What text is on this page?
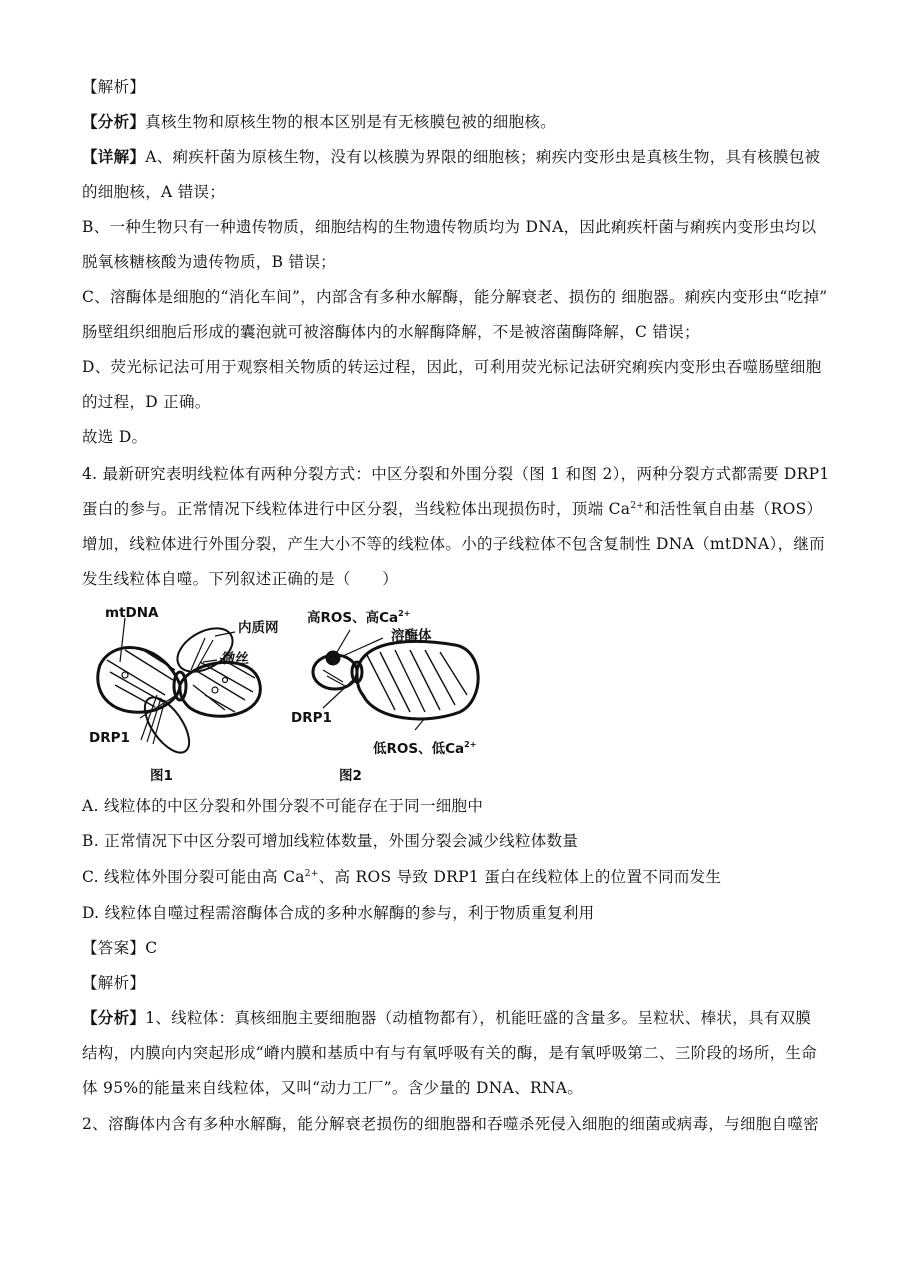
【解析】
【分析】真核生物和原核生物的根本区别是有无核膜包被的细胞核。
【详解】A、痢疾杆菌为原核生物，没有以核膜为界限的细胞核；痢疾内变形虫是真核生物，具有核膜包被
的细胞核，A 错误；
B、一种生物只有一种遗传物质，细胞结构的生物遗传物质均为 DNA，因此痢疾杆菌与痢疾内变形虫均以
脱氧核糖核酸为遗传物质，B 错误；
C、溶酶体是细胞的“消化车间”，内部含有多种水解酶，能分解衰老、损伤的 细胞器。痢疾内变形虫“吃掉”
肠壁组织细胞后形成的囊泡就可被溶酶体内的水解酶降解，不是被溶菌酶降解，C 错误；
D、荧光标记法可用于观察相关物质的转运过程，因此，可利用荧光标记法研究痢疾内变形虫吞噬肠壁细胞
的过程，D 正确。
故选 D。
4. 最新研究表明线粒体有两种分裂方式：中区分裂和外围分裂（图 1 和图 2），两种分裂方式都需要 DRP1
蛋白的参与。正常情况下线粒体进行中区分裂，当线粒体出现损伤时，顶端 $Ca^{2+}$和活性氧自由基（ROS）
增加，线粒体进行外围分裂，产生大小不等的线粒体。小的子线粒体不包含复制性 DNA（mtDNA），继而
发生线粒体自噬。下列叙述正确的是（　　）
mtDNA
内质网
微丝
DRP1
图1
高ROS、高$Ca^{2+}$
溶酶体
DRP1
低ROS、低$Ca^{2+}$
图2
A. 线粒体的中区分裂和外围分裂不可能存在于同一细胞中
B. 正常情况下中区分裂可增加线粒体数量，外围分裂会减少线粒体数量
C. 线粒体外围分裂可能由高 $Ca^{2+}$、高 ROS 导致 DRP1 蛋白在线粒体上的位置不同而发生
D. 线粒体自噬过程需溶酶体合成的多种水解酶的参与，利于物质重复利用
【答案】C
【解析】
【分析】1、线粒体：真核细胞主要细胞器（动植物都有），机能旺盛的含量多。呈粒状、棒状，具有双膜
结构，内膜向内突起形成“嵴内膜和基质中有与有氧呼吸有关的酶，是有氧呼吸第二、三阶段的场所，生命
体 95%的能量来自线粒体，又叫“动力工厂”。含少量的 DNA、RNA。
2、溶酶体内含有多种水解酶，能分解衰老损伤的细胞器和吞噬杀死侵入细胞的细菌或病毒，与细胞自噬密
